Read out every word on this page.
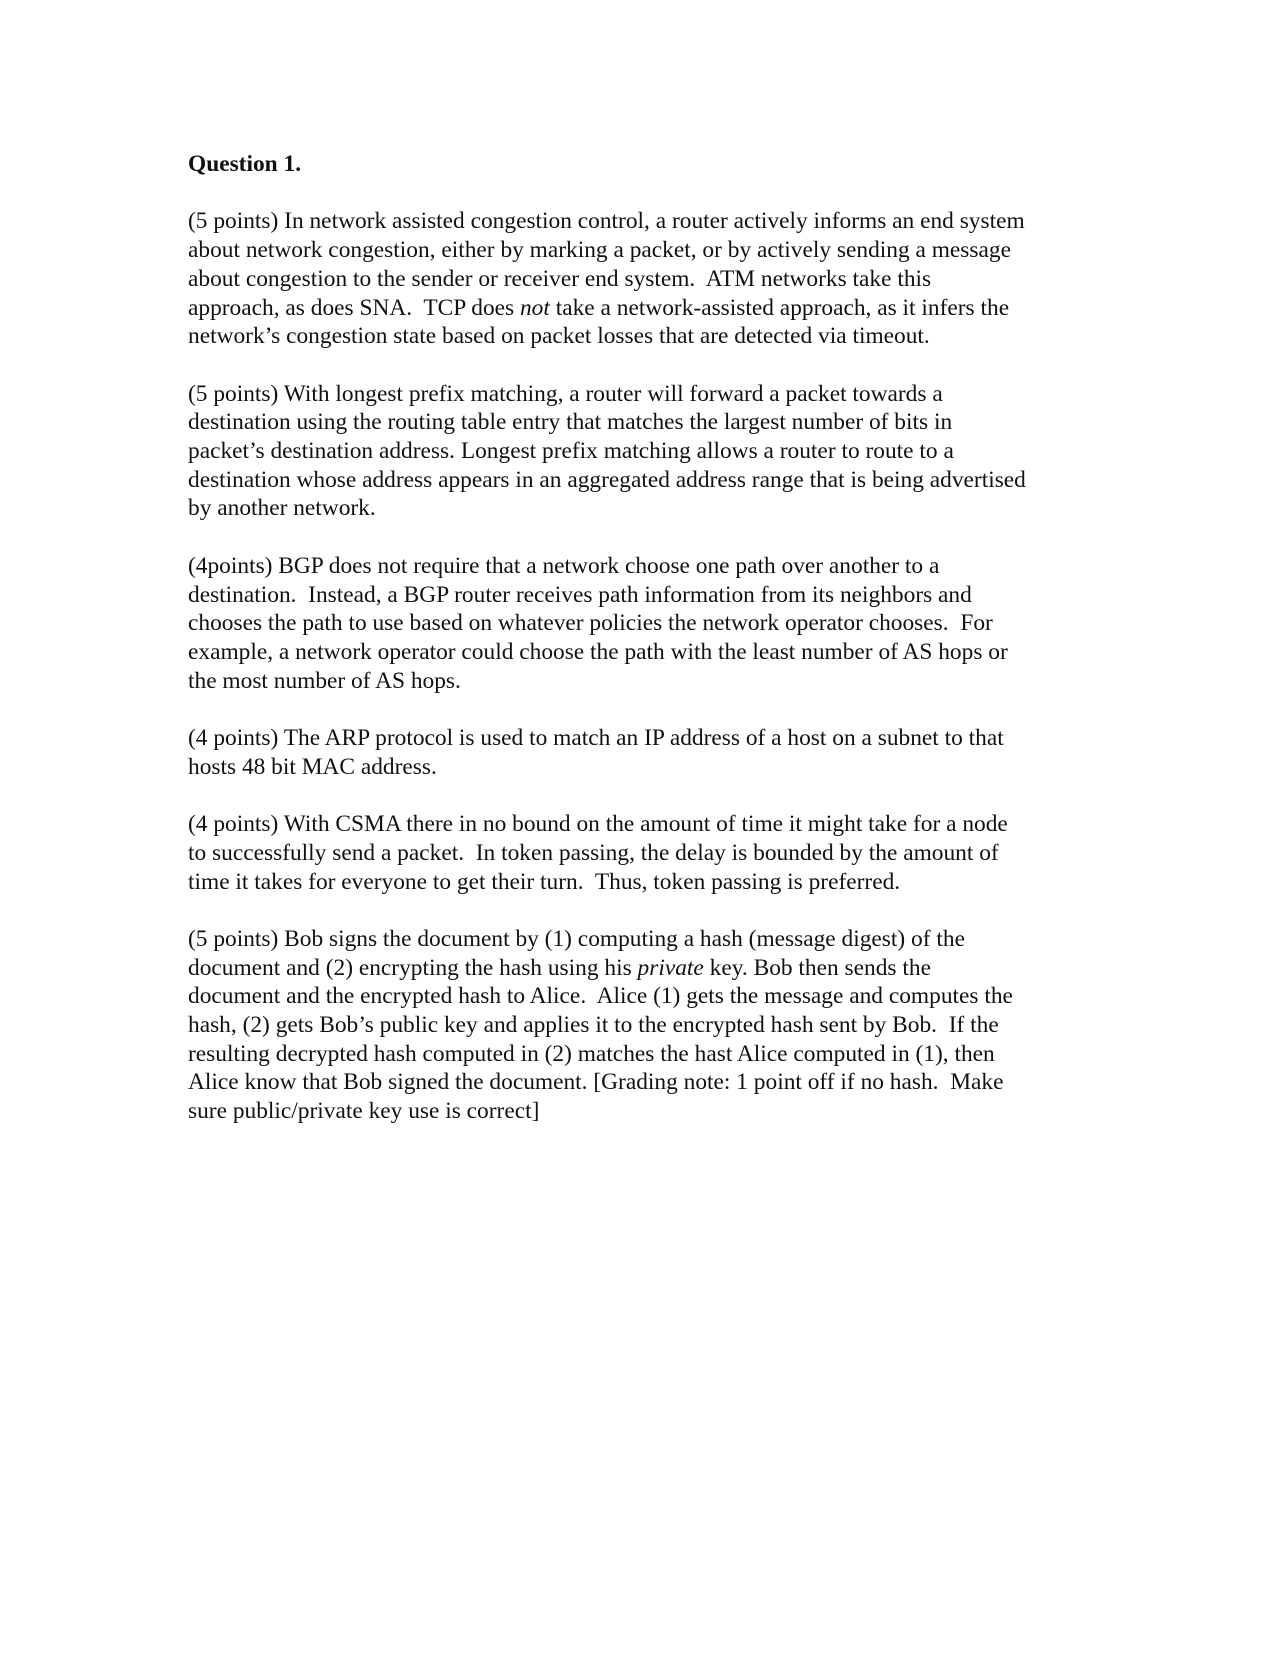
Question 1.
(5 points) In network assisted congestion control, a router actively informs an end system
about network congestion, either by marking a packet, or by actively sending a message
about congestion to the sender or receiver end system.  ATM networks take this
approach, as does SNA.  TCP does not take a network-assisted approach, as it infers the
network’s congestion state based on packet losses that are detected via timeout.
(5 points) With longest prefix matching, a router will forward a packet towards a
destination using the routing table entry that matches the largest number of bits in
packet’s destination address. Longest prefix matching allows a router to route to a
destination whose address appears in an aggregated address range that is being advertised
by another network.
(4points) BGP does not require that a network choose one path over another to a
destination.  Instead, a BGP router receives path information from its neighbors and
chooses the path to use based on whatever policies the network operator chooses.  For
example, a network operator could choose the path with the least number of AS hops or
the most number of AS hops.
(4 points) The ARP protocol is used to match an IP address of a host on a subnet to that
hosts 48 bit MAC address.
(4 points) With CSMA there in no bound on the amount of time it might take for a node
to successfully send a packet.  In token passing, the delay is bounded by the amount of
time it takes for everyone to get their turn.  Thus, token passing is preferred.
(5 points) Bob signs the document by (1) computing a hash (message digest) of the
document and (2) encrypting the hash using his private key. Bob then sends the
document and the encrypted hash to Alice.  Alice (1) gets the message and computes the
hash, (2) gets Bob’s public key and applies it to the encrypted hash sent by Bob.  If the
resulting decrypted hash computed in (2) matches the hast Alice computed in (1), then
Alice know that Bob signed the document. [Grading note: 1 point off if no hash.  Make
sure public/private key use is correct]
